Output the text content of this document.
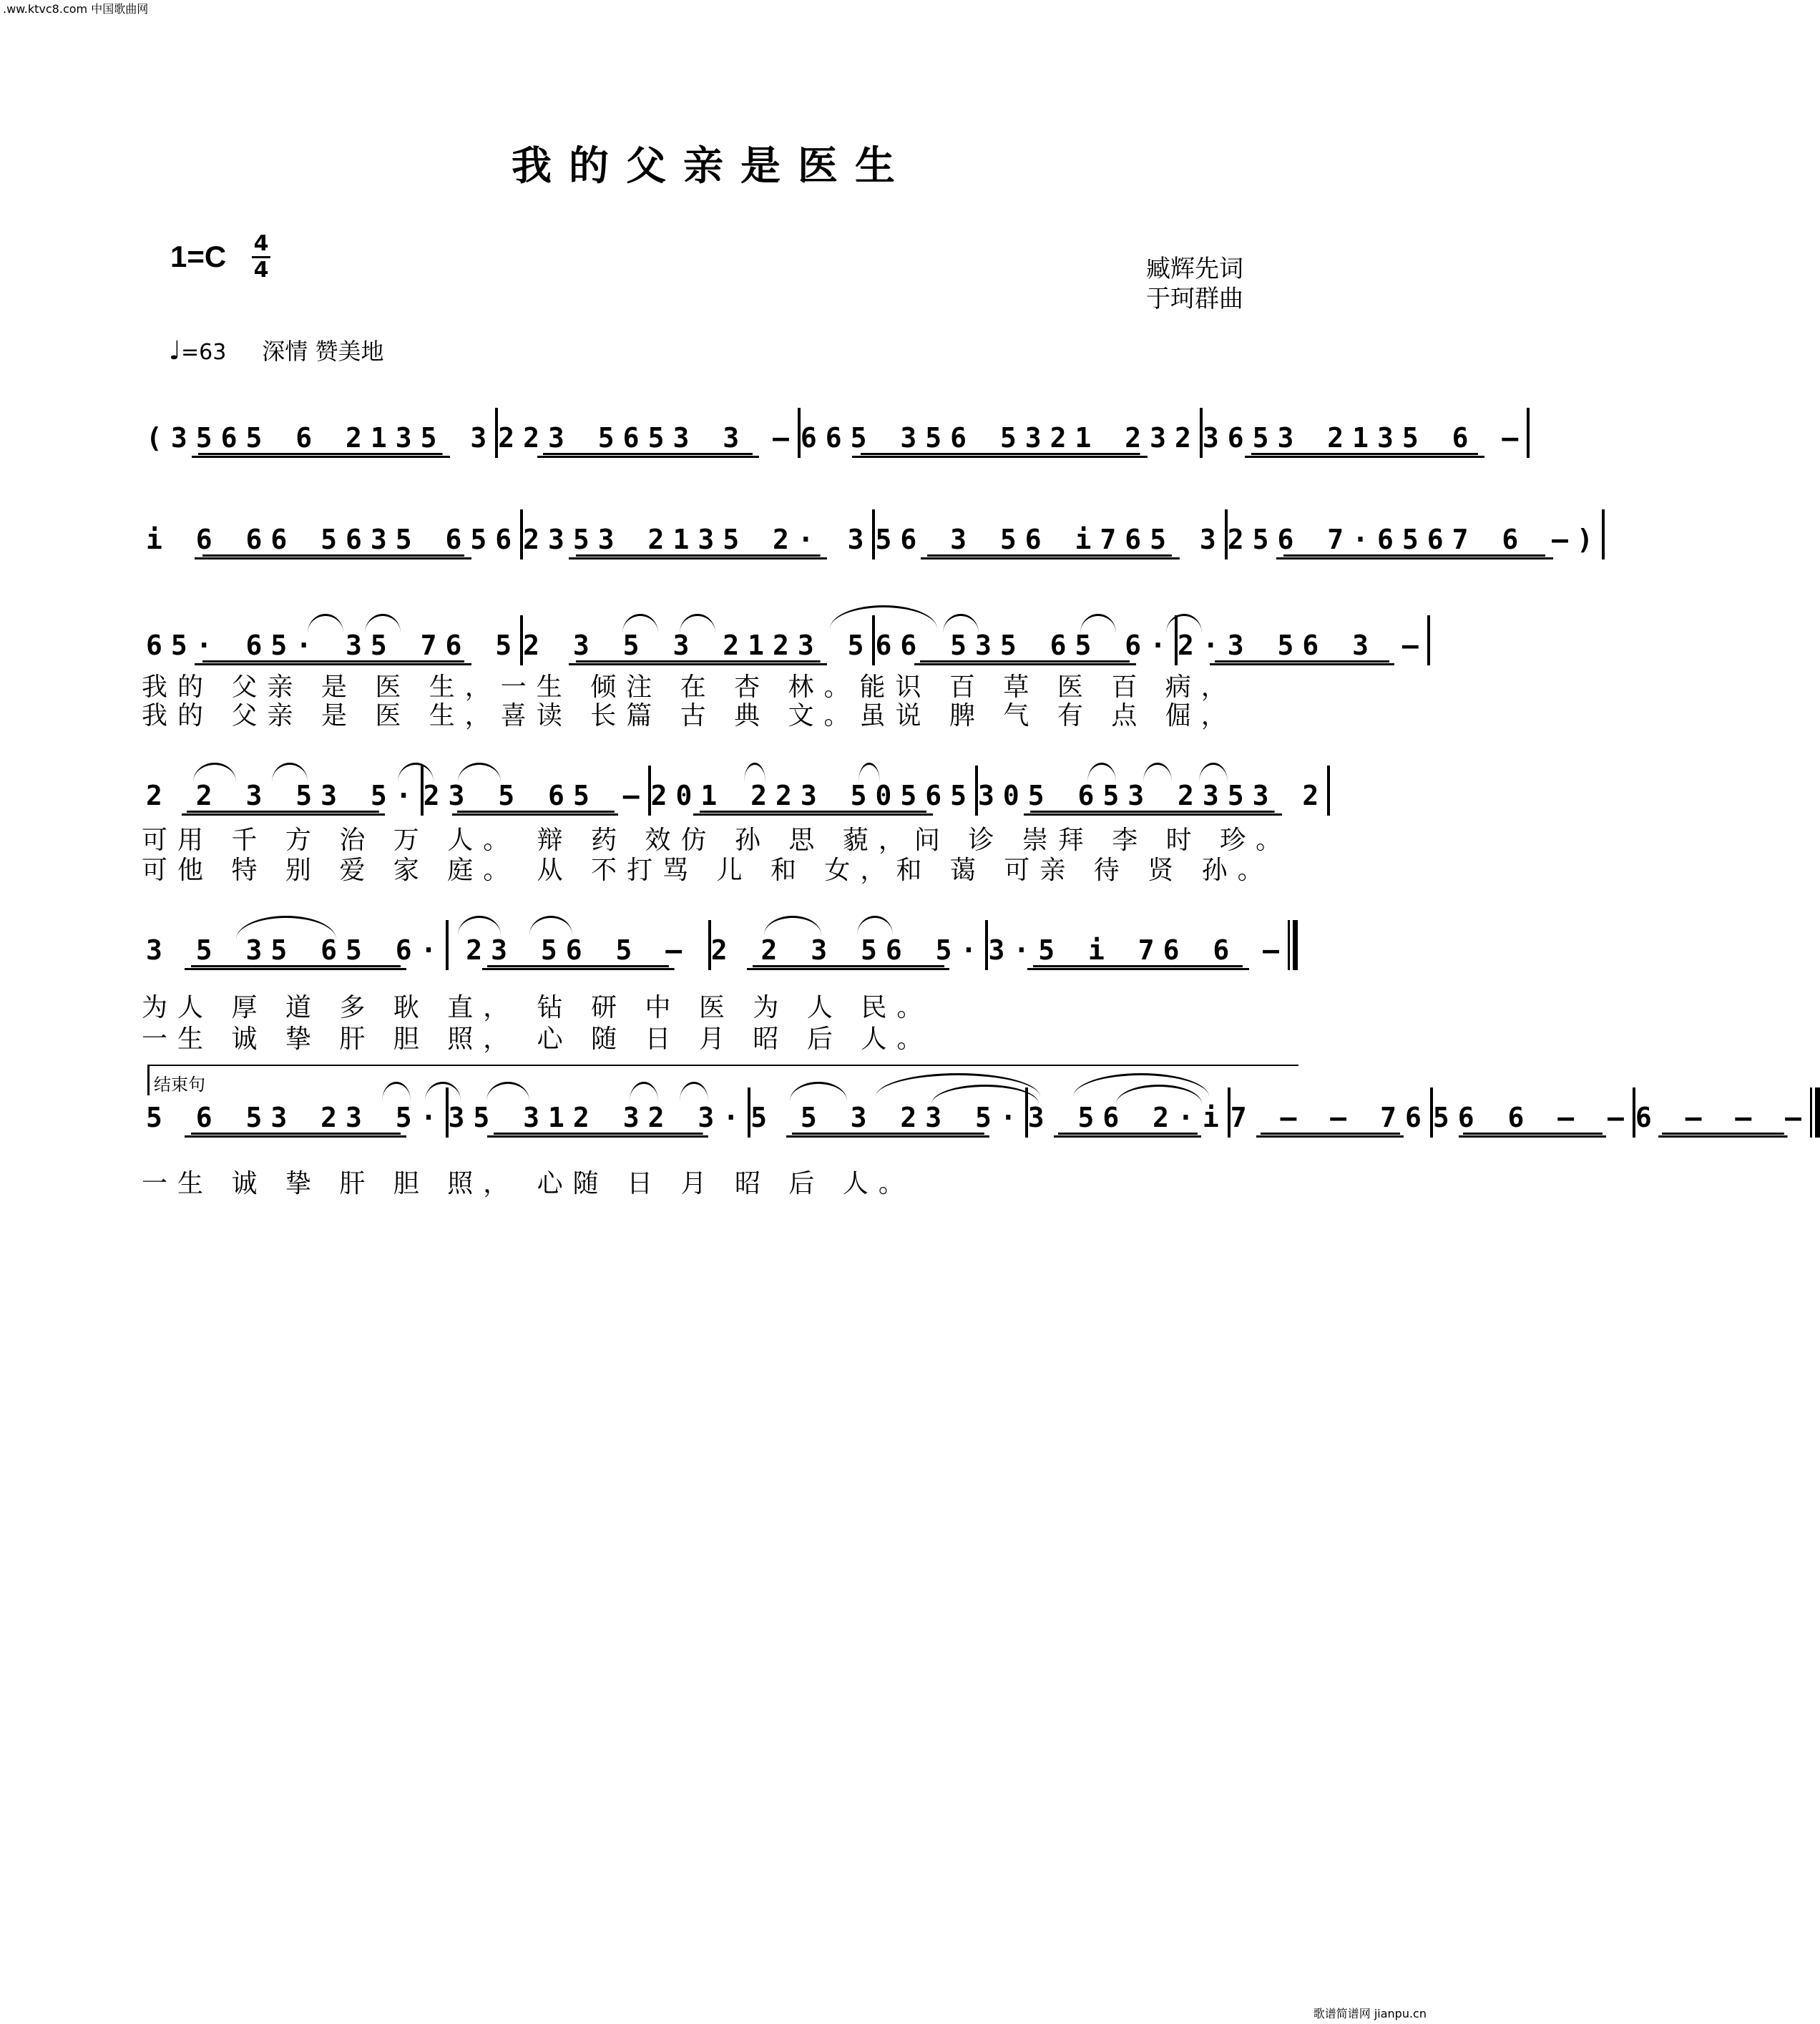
.ww.ktvc8.com 中国歌曲网
我的父亲是医生
1=C 4
4	臧辉先词
于珂群曲
♩=63 深情 赞美地
(3565 6 2135 3 223 5653 3 – 665 356 5321 232 3653 2135 6 –
i 6 66 5635 656 2353 2135 2· 3 56 3 56 i765 3 256 7·6567 6 –)
65· 65· 35 76 5 2 3 5 3 2123 5 66 535 65 6· 2·3 56 3 –
我的 父亲 是 医 生，一生 倾注 在 杏 林。能识 百 草 医 百 病，
我的 父亲 是 医 生，喜读 长篇 古 典 文。虽说 脾 气 有 点 倔，
2 2 3 53 5· 23 5 65 – 201 223 50565 305 653 2353 2
可用 千 方 治 万 人。 辩 药 效仿 孙 思 藐，问 诊 崇拜 李 时 珍。
可他 特 别 爱 家 庭。 从 不打骂 儿 和 女，和 蔼 可亲 待 贤 孙。
3 5 35 65 6· 23 56 5 – 2 2 3 56 5· 3·5 i 76 6 –
为人 厚 道 多 耿 直， 钻 研 中 医 为 人 民。
一生 诚 挚 肝 胆 照， 心 随 日 月 昭 后 人。
结束句
5 6 53 23 5· 35 312 32 3· 5 5 3 23 5· 3 56 2·i 7 – – 76 56 6 – – 6 – – –
一生 诚 挚 肝 胆 照， 心随 日 月 昭 后 人。
歌谱简谱网 jianpu.cn
